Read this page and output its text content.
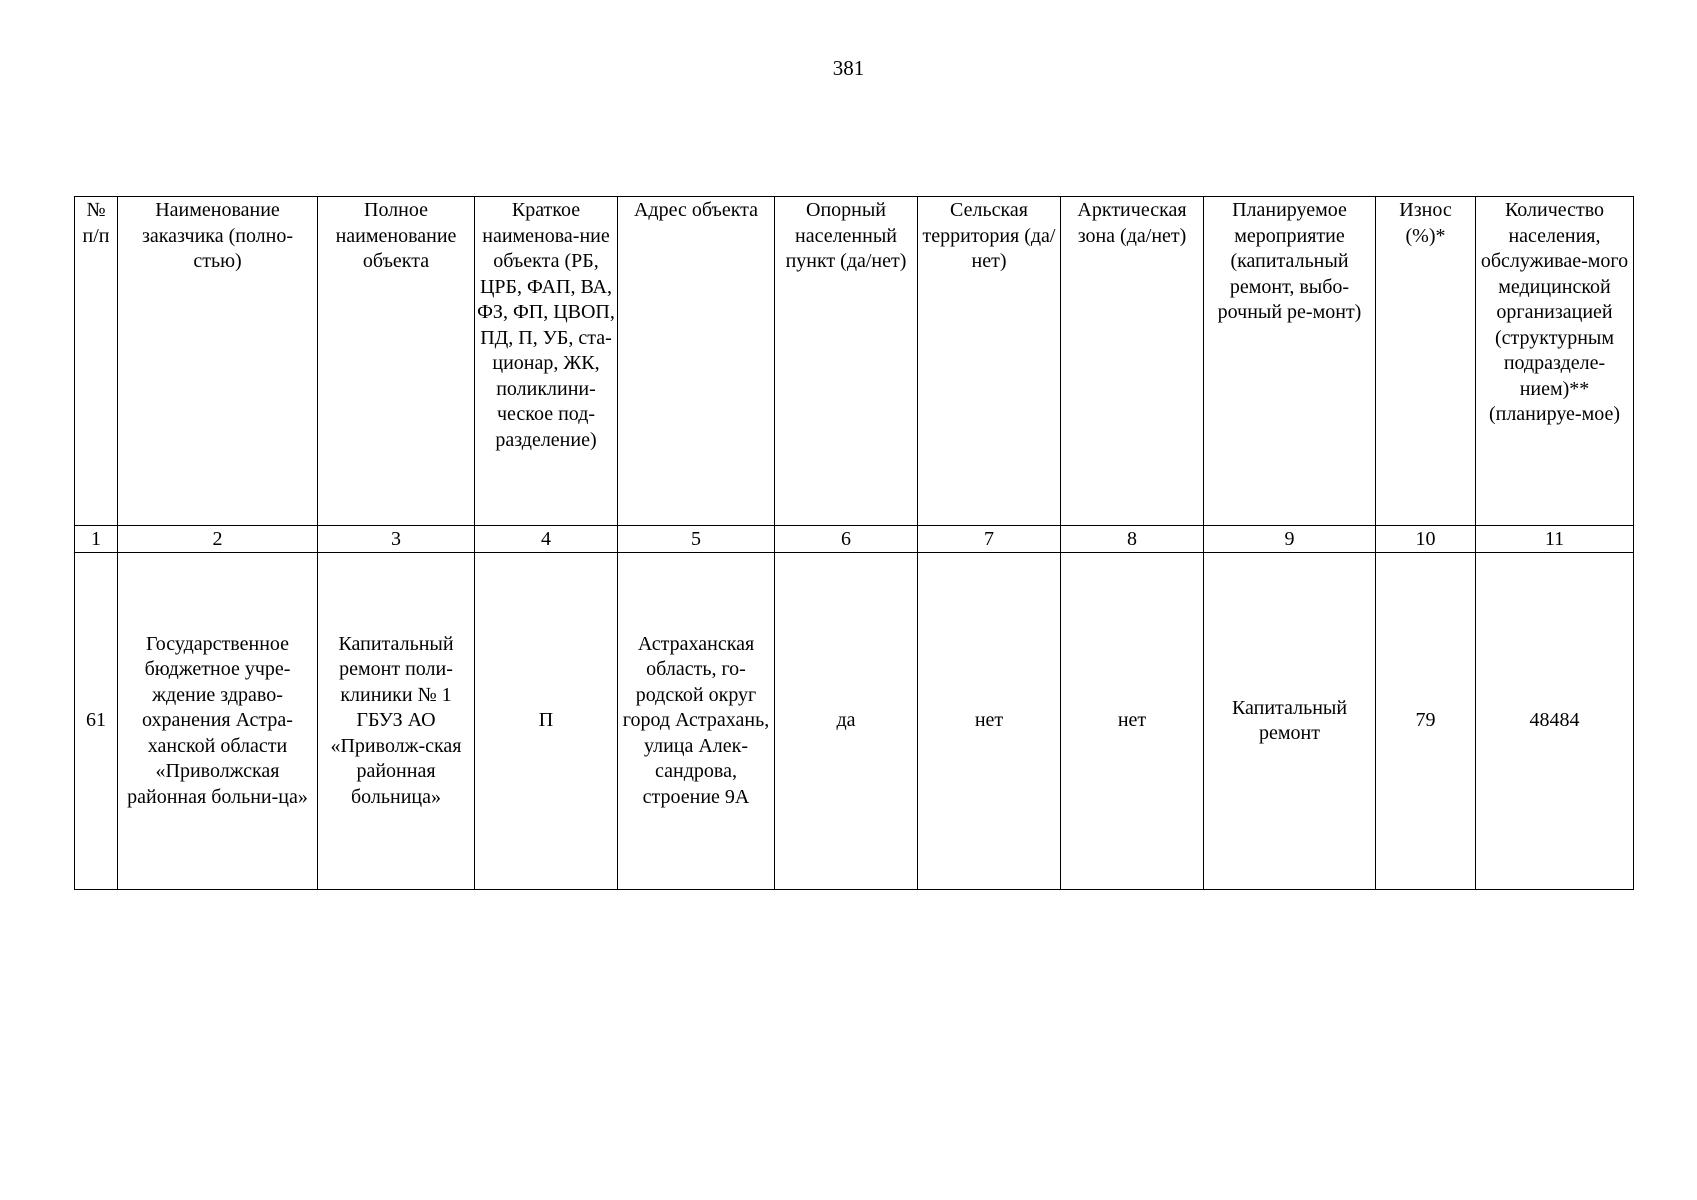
381
№ п/п	Наименование заказчика (полно-стью)	Полное наименование объекта	Краткое наименова-ние объекта (РБ, ЦРБ, ФАП, ВА, ФЗ, ФП, ЦВОП, ПД, П, УБ, ста-ционар, ЖК, поликлини-ческое под-разделение)	Адрес объекта	Опорный населенный пункт (да/нет)	Сельская территория (да/нет)	Арктическая зона (да/нет)	Планируемое мероприятие (капитальный ремонт, выбо-рочный ре-монт)	Износ (%)*	Количество населения, обслуживае-мого медицинской организацией (структурным подразделе-нием)** (планируе-мое)
1	2	3	4	5	6	7	8	9	10	11
61	Государственное бюджетное учре-ждение здраво-охранения Астра-ханской области «Приволжская районная больни-ца»	Капитальный ремонт поли-клиники № 1 ГБУЗ АО «Приволж-ская районная больница»	П	Астраханская область, го-родской округ город Астрахань, улица Алек-сандрова, строение 9А	да	нет	нет	Капитальный ремонт	79	48484
